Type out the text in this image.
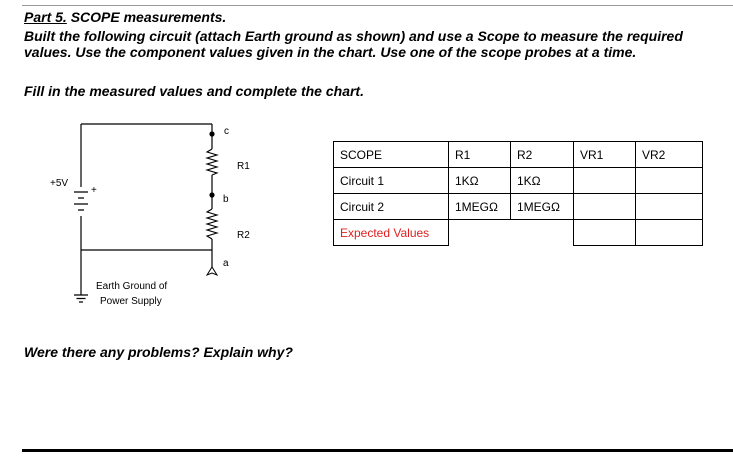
Part 5. SCOPE measurements.

Built the following circuit (attach Earth ground as shown) and use a Scope to measure the required values. Use the component values given in the chart. Use one of the scope probes at a time.

Fill in the measured values and complete the chart.

+5V
+
c
R1
b
R2
a
Earth Ground of
Power Supply
SCOPE	R1	R2	VR1	VR2
Circuit 1	1KΩ	1KΩ		
Circuit 2	1MEGΩ	1MEGΩ		
Expected Values				

Were there any problems? Explain why?
